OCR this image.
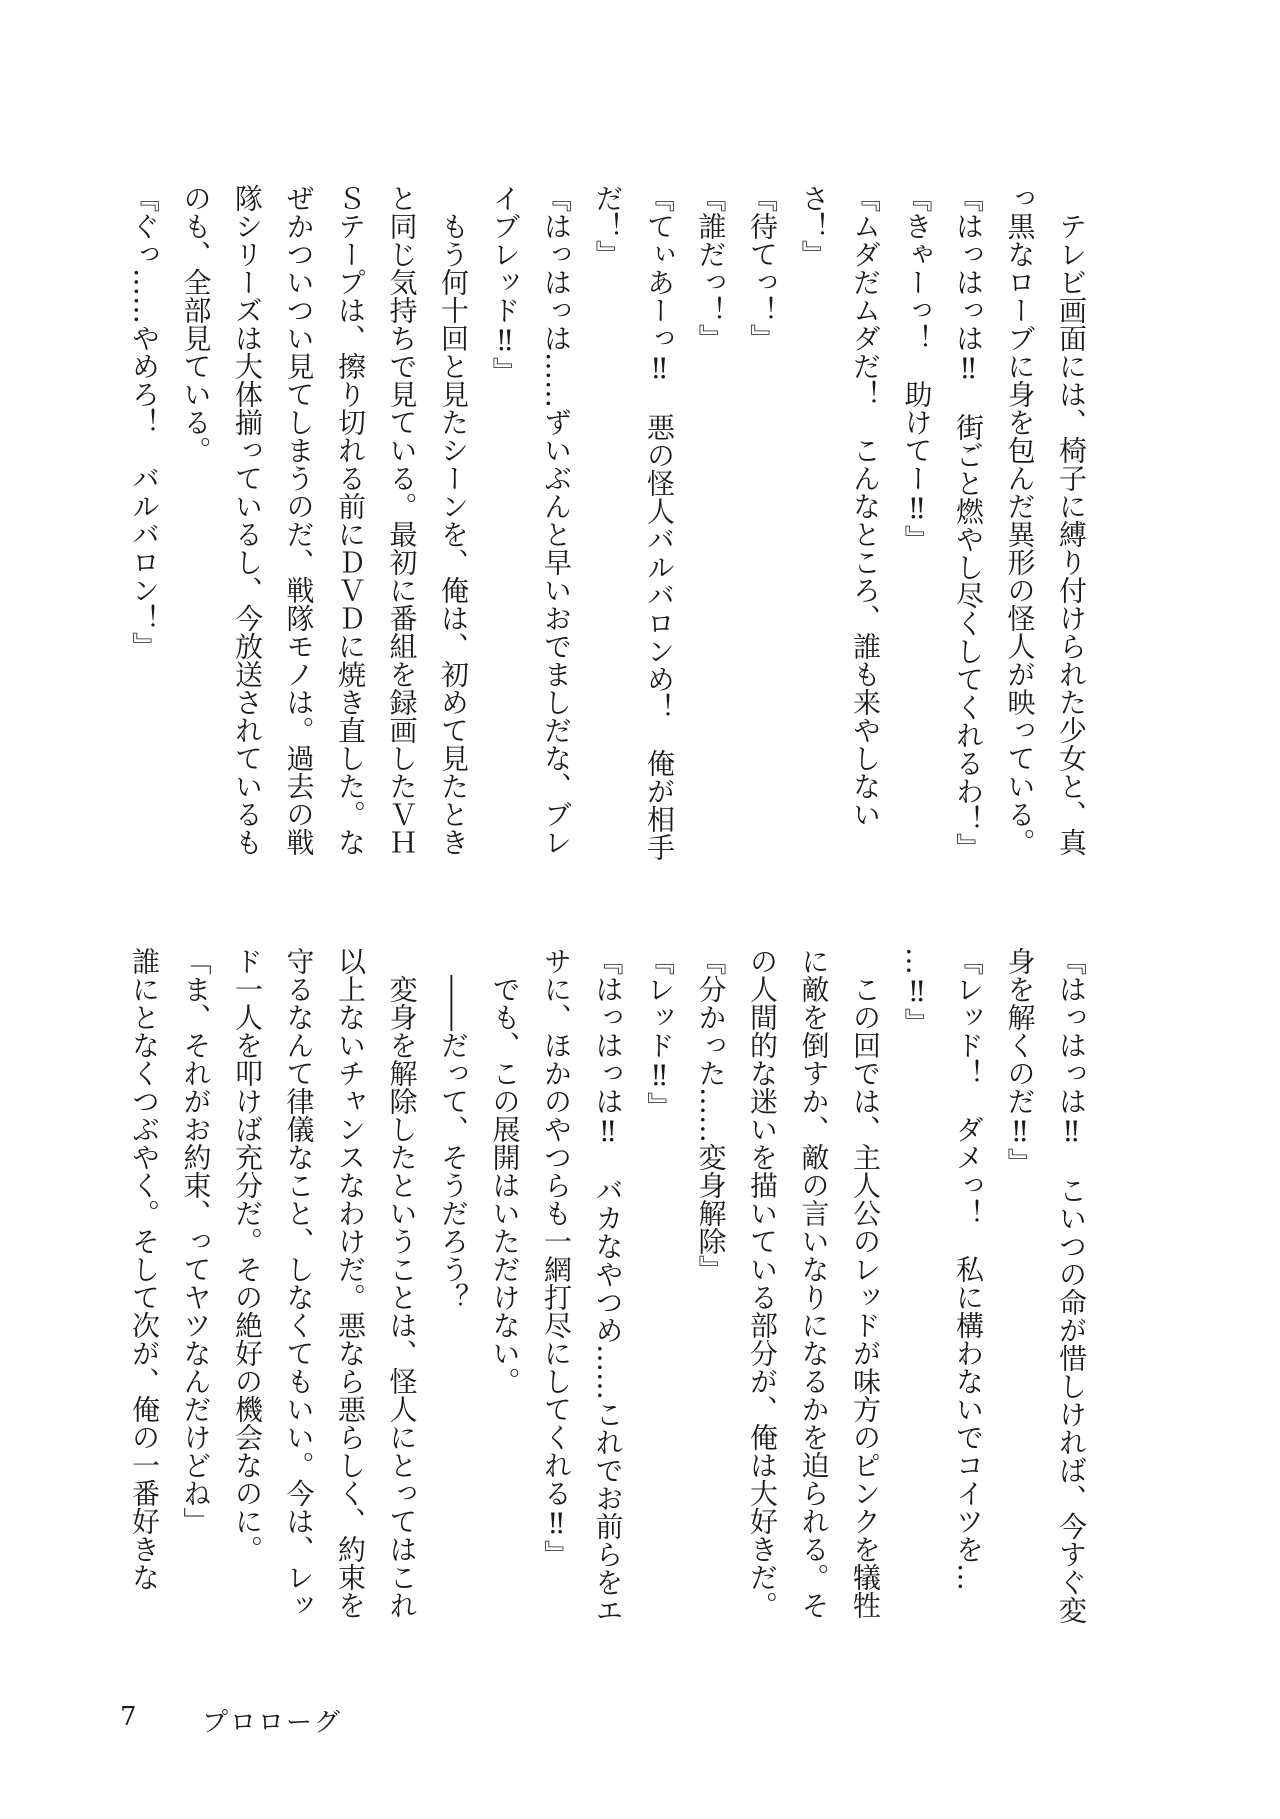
　テレビ画面には、椅子に縛り付けられた少女と、真
っ黒なローブに身を包んだ異形の怪人が映っている。
『はっはっは‼　街ごと燃やし尽くしてくれるわ！』
『きゃーっ！　助けてー‼』
『ムダだムダだ！　こんなところ、誰も来やしない
さ！』
『待てっ！』
『誰だっ！』
『てぃあーっ‼　悪の怪人バルバロンめ！　俺が相手
だ！』
『はっはっは……ずいぶんと早いおでましだな、ブレ
イブレッド‼』
　もう何十回と見たシーンを、俺は、初めて見たとき
と同じ気持ちで見ている。最初に番組を録画したＶＨ
Ｓテープは、擦り切れる前にＤＶＤに焼き直した。な
ぜかついつい見てしまうのだ、戦隊モノは。過去の戦
隊シリーズは大体揃っているし、今放送されているも
のも、全部見ている。
『ぐっ……やめろ！　バルバロン！』
『はっはっは‼　こいつの命が惜しければ、今すぐ変
身を解くのだ‼』
『レッド！　ダメっ！　私に構わないでコイツを…
…‼』
　この回では、主人公のレッドが味方のピンクを犠牲
に敵を倒すか、敵の言いなりになるかを迫られる。そ
の人間的な迷いを描いている部分が、俺は大好きだ。
『分かった……変身解除』
『レッド‼』
『はっはっは‼　バカなやつめ……これでお前らをエ
サに、ほかのやつらも一網打尽にしてくれる‼』
　でも、この展開はいただけない。
　――だって、そうだろう？
　変身を解除したということは、怪人にとってはこれ
以上ないチャンスなわけだ。悪なら悪らしく、約束を
守るなんて律儀なこと、しなくてもいい。今は、レッ
ド一人を叩けば充分だ。その絶好の機会なのに。
「ま、それがお約束、ってヤツなんだけどね」
誰にとなくつぶやく。そして次が、俺の一番好きな
7	プロローグ
